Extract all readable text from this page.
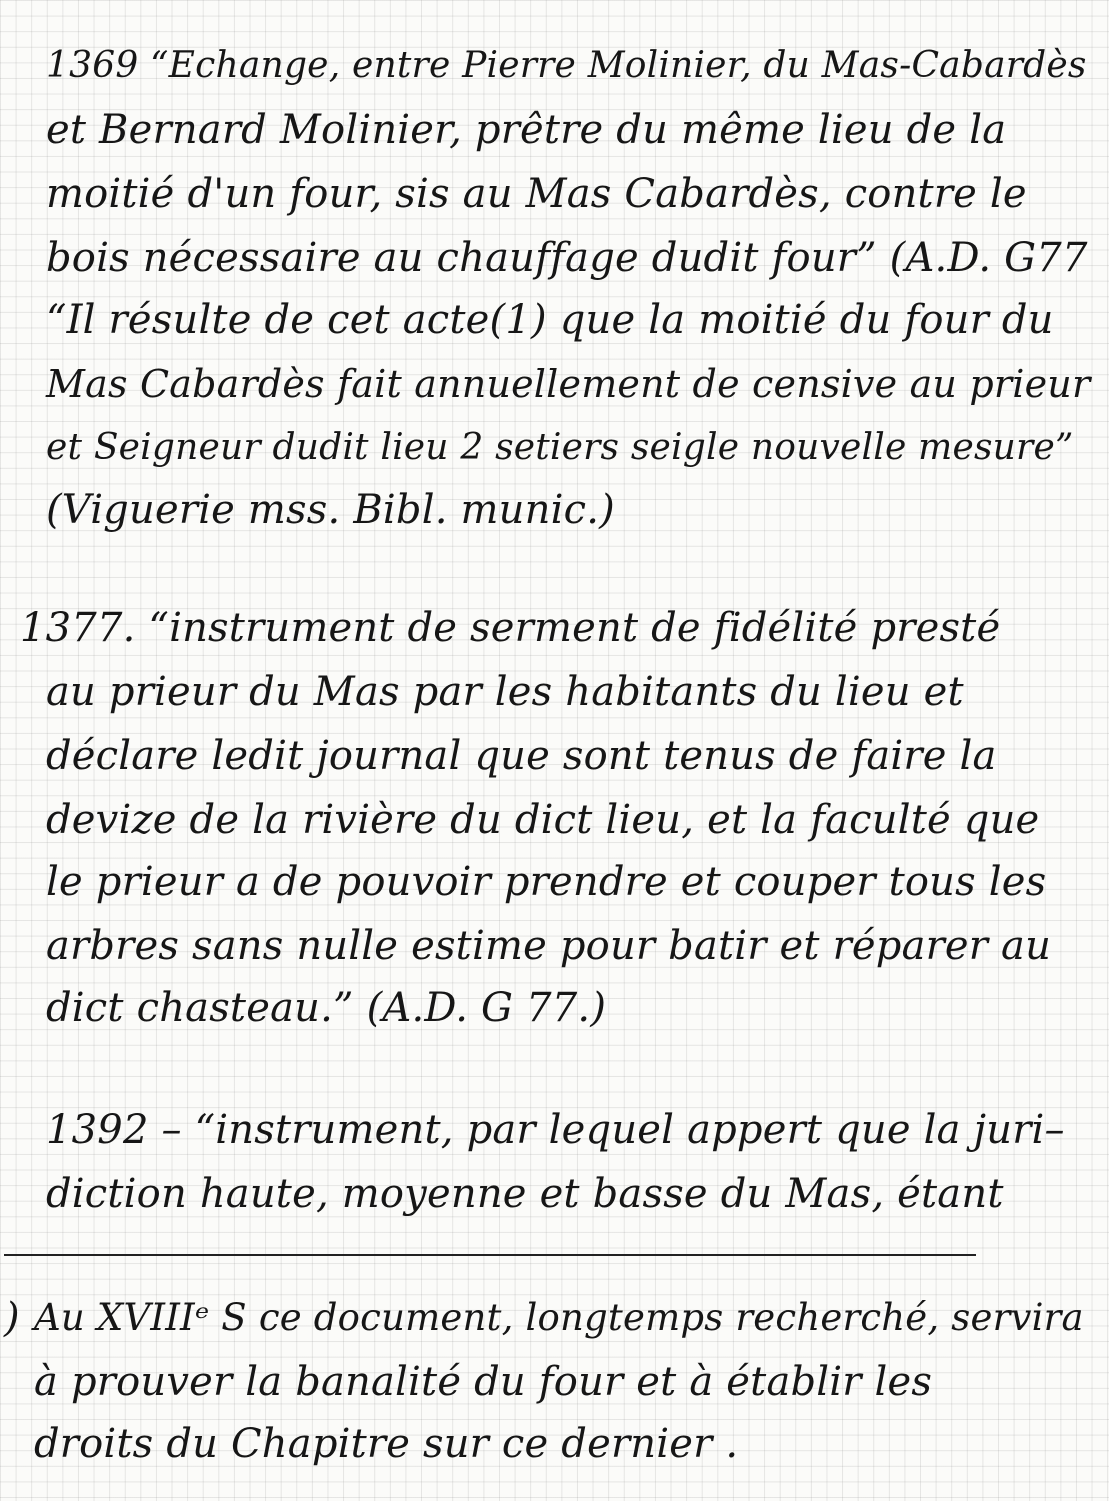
1369 “Echange, entre Pierre Molinier, du Mas-Cabardès
et Bernard Molinier, prêtre du même lieu de la
moitié d'un four, sis au Mas Cabardès, contre le
bois nécessaire au chauffage dudit four” (A.D. G77
“Il résulte de cet acte(1) que la moitié du four du
Mas Cabardès fait annuellement de censive au prieur
et Seigneur dudit lieu 2 setiers seigle nouvelle mesure”
(Viguerie mss. Bibl. munic.)
1377. “instrument de serment de fidélité presté
au prieur du Mas par les habitants du lieu et
déclare ledit journal que sont tenus de faire la
devize de la rivière du dict lieu, et la faculté que
le prieur a de pouvoir prendre et couper tous les
arbres sans nulle estime pour batir et réparer au
dict chasteau.” (A.D. G 77.)
1392 – “instrument, par lequel appert que la juri–
diction haute, moyenne et basse du Mas, étant
) Au XVIIIᵉ S ce document, longtemps recherché, servira
à prouver la banalité du four et à établir les
droits du Chapitre sur ce dernier .
